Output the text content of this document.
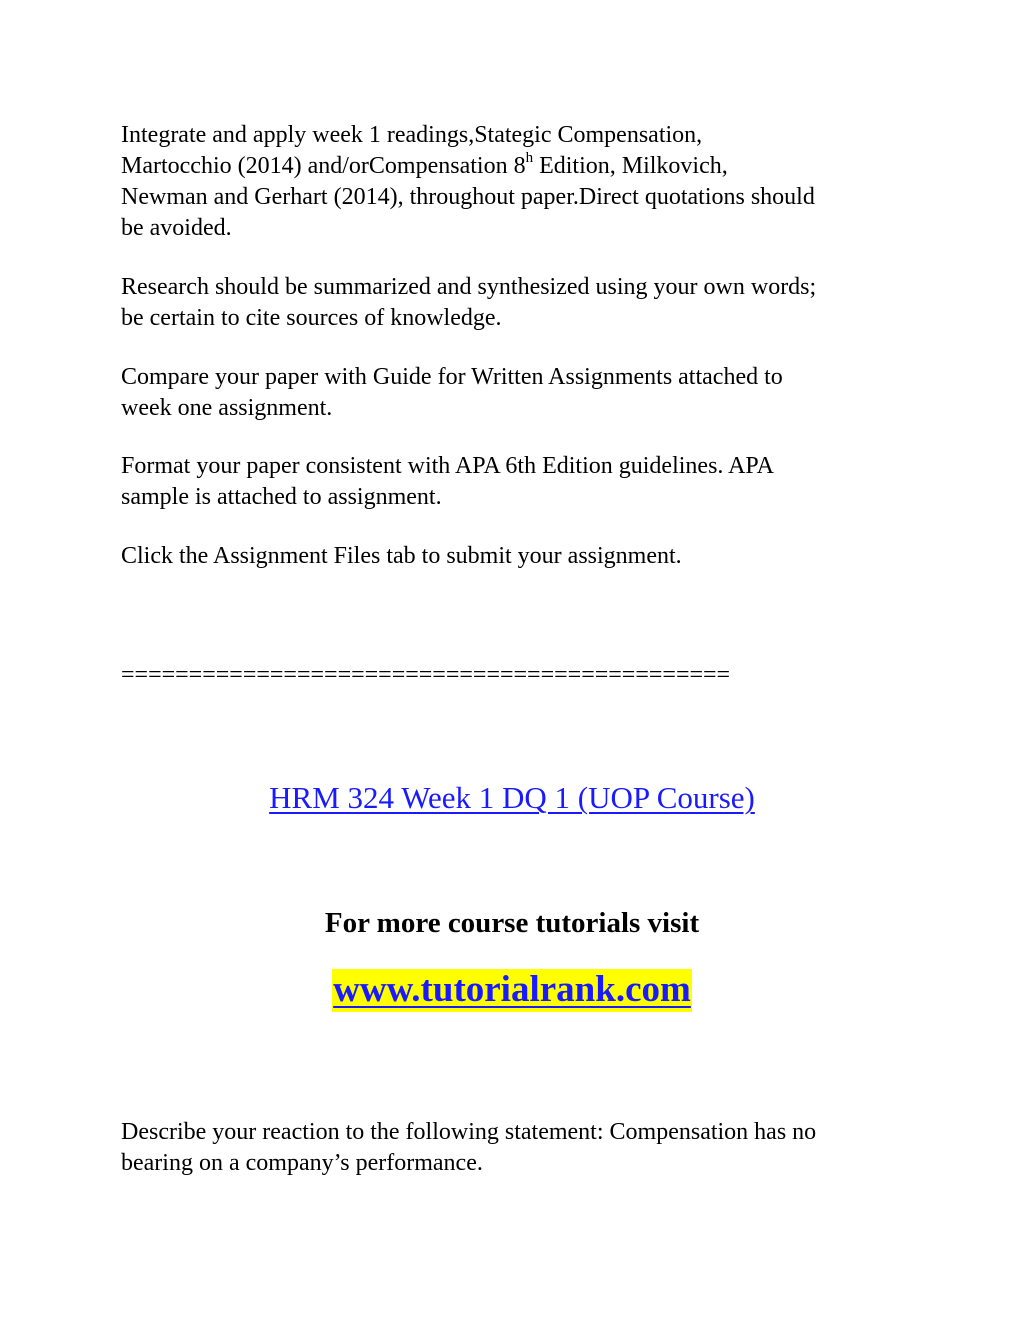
Integrate and apply week 1 readings,Stategic Compensation,
Martocchio (2014) and/orCompensation 8$^h$ Edition, Milkovich,
Newman and Gerhart (2014), throughout paper.Direct quotations should
be avoided.

Research should be summarized and synthesized using your own words;
be certain to cite sources of knowledge.

Compare your paper with Guide for Written Assignments attached to
week one assignment.

Format your paper consistent with APA 6th Edition guidelines. APA
sample is attached to assignment.

Click the Assignment Files tab to submit your assignment.

=============================================

HRM 324 Week 1 DQ 1 (UOP Course)

For more course tutorials visit

www.tutorialrank.com

Describe your reaction to the following statement: Compensation has no
bearing on a company’s performance.
